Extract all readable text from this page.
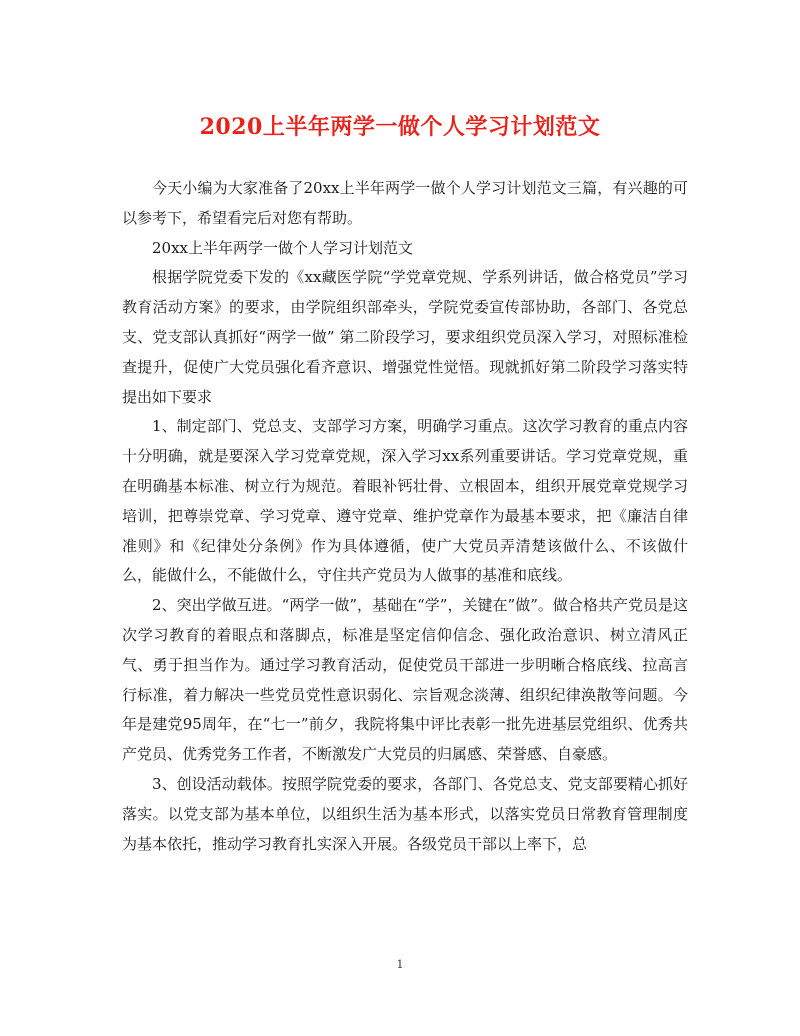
2020上半年两学一做个人学习计划范文

今天小编为大家准备了20xx上半年两学一做个人学习计划范文三篇，有兴趣的可以参考下，希望看完后对您有帮助。

20xx上半年两学一做个人学习计划范文

根据学院党委下发的《xx藏医学院“学党章党规、学系列讲话，做合格党员”学习教育活动方案》的要求，由学院组织部牵头，学院党委宣传部协助，各部门、各党总支、党支部认真抓好“两学一做” 第二阶段学习，要求组织党员深入学习，对照标准检查提升，促使广大党员强化看齐意识、增强党性觉悟。现就抓好第二阶段学习落实特提出如下要求

1、制定部门、党总支、支部学习方案，明确学习重点。这次学习教育的重点内容十分明确，就是要深入学习党章党规，深入学习xx系列重要讲话。学习党章党规，重在明确基本标准、树立行为规范。着眼补钙壮骨、立根固本，组织开展党章党规学习培训，把尊崇党章、学习党章、遵守党章、维护党章作为最基本要求，把《廉洁自律准则》和《纪律处分条例》作为具体遵循，使广大党员弄清楚该做什么、不该做什么，能做什么，不能做什么，守住共产党员为人做事的基准和底线。

2、突出学做互进。“两学一做”，基础在“学”，关键在”做”。做合格共产党员是这次学习教育的着眼点和落脚点，标准是坚定信仰信念、强化政治意识、树立清风正气、勇于担当作为。通过学习教育活动，促使党员干部进一步明晰合格底线、拉高言行标准，着力解决一些党员党性意识弱化、宗旨观念淡薄、组织纪律涣散等问题。今年是建党95周年，在“七一”前夕，我院将集中评比表彰一批先进基层党组织、优秀共产党员、优秀党务工作者，不断激发广大党员的归属感、荣誉感、自豪感。

3、创设活动载体。按照学院党委的要求，各部门、各党总支、党支部要精心抓好落实。以党支部为基本单位，以组织生活为基本形式，以落实党员日常教育管理制度为基本依托，推动学习教育扎实深入开展。各级党员干部以上率下，总

1
